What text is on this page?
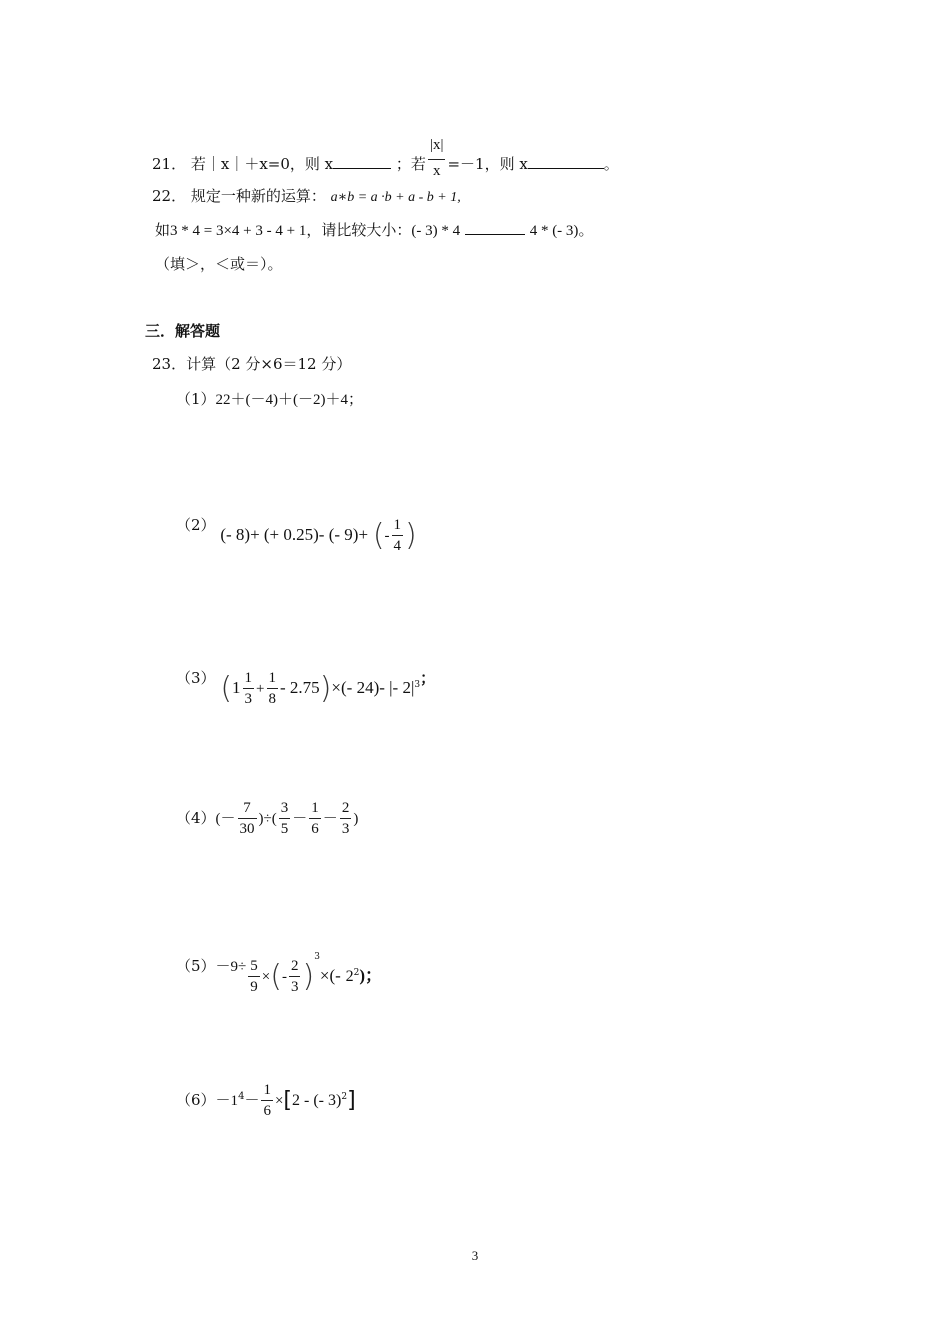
21． 若｜x｜＋x=0，则 x	；若 $\frac{|x|}{x} =-1$，则 x	。
22． 规定一种新的运算： a∗b = a ·b + a - b + 1,
如3 * 4 = 3×4 + 3 - 4 + 1，请比较大小：(- 3) * 4	4 * (- 3)。
（填＞，＜或＝）。
三．解答题
23．计算（2 分×6＝12 分）
（1）22＋(－4)＋(－2)＋4；
（2） (- 8)+ (+ 0.25)- (- 9)+ (- $\frac{1}{4}$ )
（3） $(1 \frac{1}{3} + \frac{1}{8} - 2.75)\times(-$ 24)- |- $2|^3$；
$(4)(- \frac{7}{30}$ )÷( $\frac{3}{5} - \frac{1}{6} - \frac{2}{3}$ )
$(5)-9\div \frac{5}{9}$ ×(- $\frac{2}{3} )^3\times(-$ $2^2$)；
$(6)-1^4- \frac{1}{6} \times[2$ - (- 3)$^2$]
3
